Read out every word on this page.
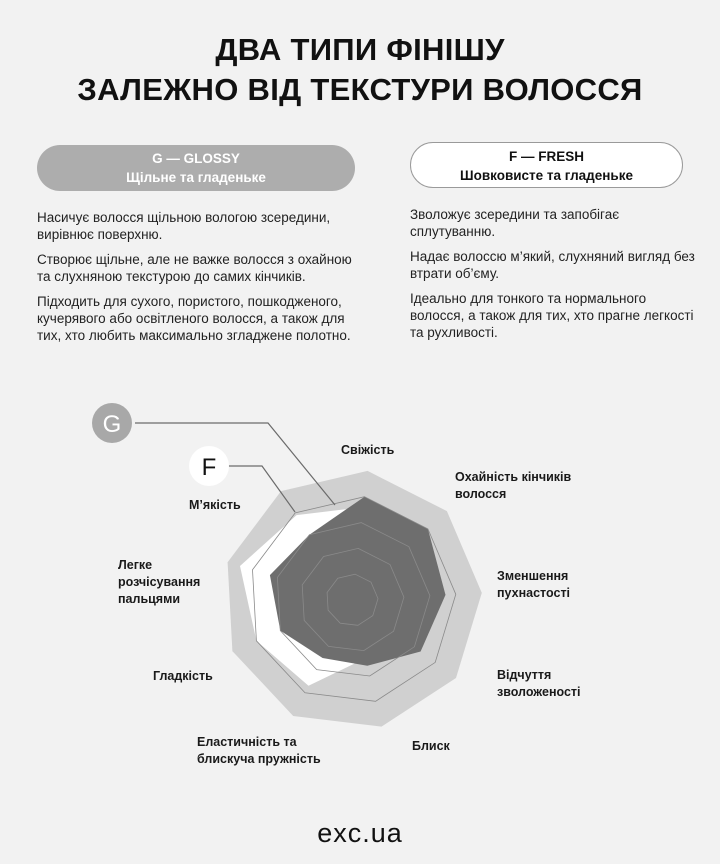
ДВА ТИПИ ФІНІШУ
ЗАЛЕЖНО ВІД ТЕКСТУРИ ВОЛОССЯ
G — GLOSSY
Щільне та гладеньке
F — FRESH
Шовковисте та гладеньке

Насичує волосся щільною вологою зсередини, вирівнює поверхню.

Створює щільне, але не важке волосся з охайною та слухняною текстурою до самих кінчиків.

Підходить для сухого, пористого, пошкодженого, кучерявого або освітленого волосся, а також для тих, хто любить максимально згладжене полотно.

Зволожує зсередини та запобігає сплутуванню.

Надає волоссю м’який, слухняний вигляд без втрати об’єму.

Ідеально для тонкого та нормального волосся, а також для тих, хто прагне легкості та рухливості.

G
F
Свіжість
Охайність кінчиків волосся
Зменшення пухнастості
Відчуття зволоженості
Блиск
Еластичність та блискуча пружність
Гладкість
Легке розчісування пальцями
М’якість
exc.ua
